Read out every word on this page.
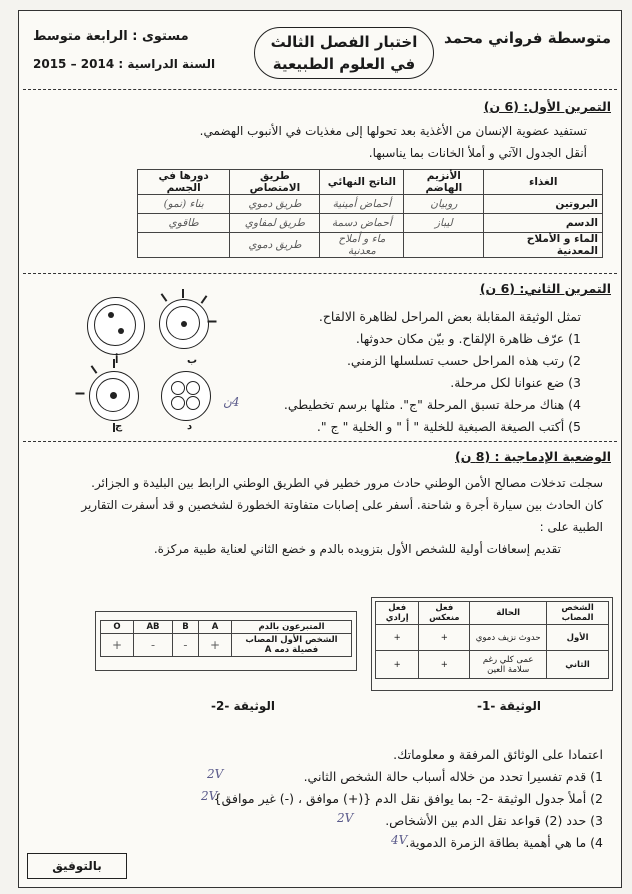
متوسطة فرواني محمد
مستوى : الرابعة متوسط
السنة الدراسية : 2014 – 2015
اختبار الفصل الثالث
في العلوم الطبيعية
التمرين الأول: (6 ن)
تستفيد عضوية الإنسان من الأغذية بعد تحولها إلى مغذيات في الأنبوب الهضمي.
أنقل الجدول الآتي و أملأ الخانات بما يناسبها.
الغذاء	الأنزيم الهاضم	الناتج النهائي	طريق الامتصاص	دورها في الجسم
البروتين	روبيان	أحماض أمينية	طريق دموي	بناء (نمو)
الدسم	ليباز	أحماض دسمة	طريق لمفاوي	طاقوي
الماء و الأملاح المعدنية		ماء و أملاح معدنية	طريق دموي	
التمرين الثاني: (6 ن)
أ	ب
ج	د
4ن
تمثل الوثيقة المقابلة بعض المراحل لظاهرة الالقاح.
1) عرّف ظاهرة الإلقاح. و بيّن مكان حدوثها.
2) رتب هذه المراحل حسب تسلسلها الزمني.
3) ضع عنوانا لكل مرحلة.
4) هناك مرحلة تسبق المرحلة "ج". مثلها برسم تخطيطي.
5) أكتب الصيغة الصبغية للخلية " أ " و الخلية " ج ".
الوضعية الإدماجية : (8 ن)
سجلت تدخلات مصالح الأمن الوطني حادث مرور خطير في الطريق الوطني الرابط بين البليدة و الجزائر.
كان الحادث بين سيارة أجرة و شاحنة. أسفر على إصابات متفاوتة الخطورة لشخصين و قد أسفرت التقارير
الطبية على :
تقديم إسعافات أولية للشخص الأول بتزويده بالدم و خضع الثاني لعناية طبية مركزة.
الشخص المصاب	الحالة	فعل منعكس	فعل إرادي
الأول	حدوث نزيف دموي	+	+
الثاني	عمى كلي رغم سلامة العين	+	+
الوثيقة -1-
المتبرعون بالدم	A	B	AB	O

الشخص الأول المصاب
فصيلة دمه A	+	-	-	+
الوثيقة -2-
اعتمادا على الوثائق المرفقة و معلوماتك.
1) قدم تفسيرا تحدد من خلاله أسباب حالة الشخص الثاني.
2) أملأ جدول الوثيقة -2- بما يوافق نقل الدم {(+) موافق ، (-) غير موافق}
3) حدد (2) قواعد نقل الدم بين الأشخاص.
4) ما هي أهمية بطاقة الزمرة الدموية.
2V
2V
2V
4V
بالتوفيق
